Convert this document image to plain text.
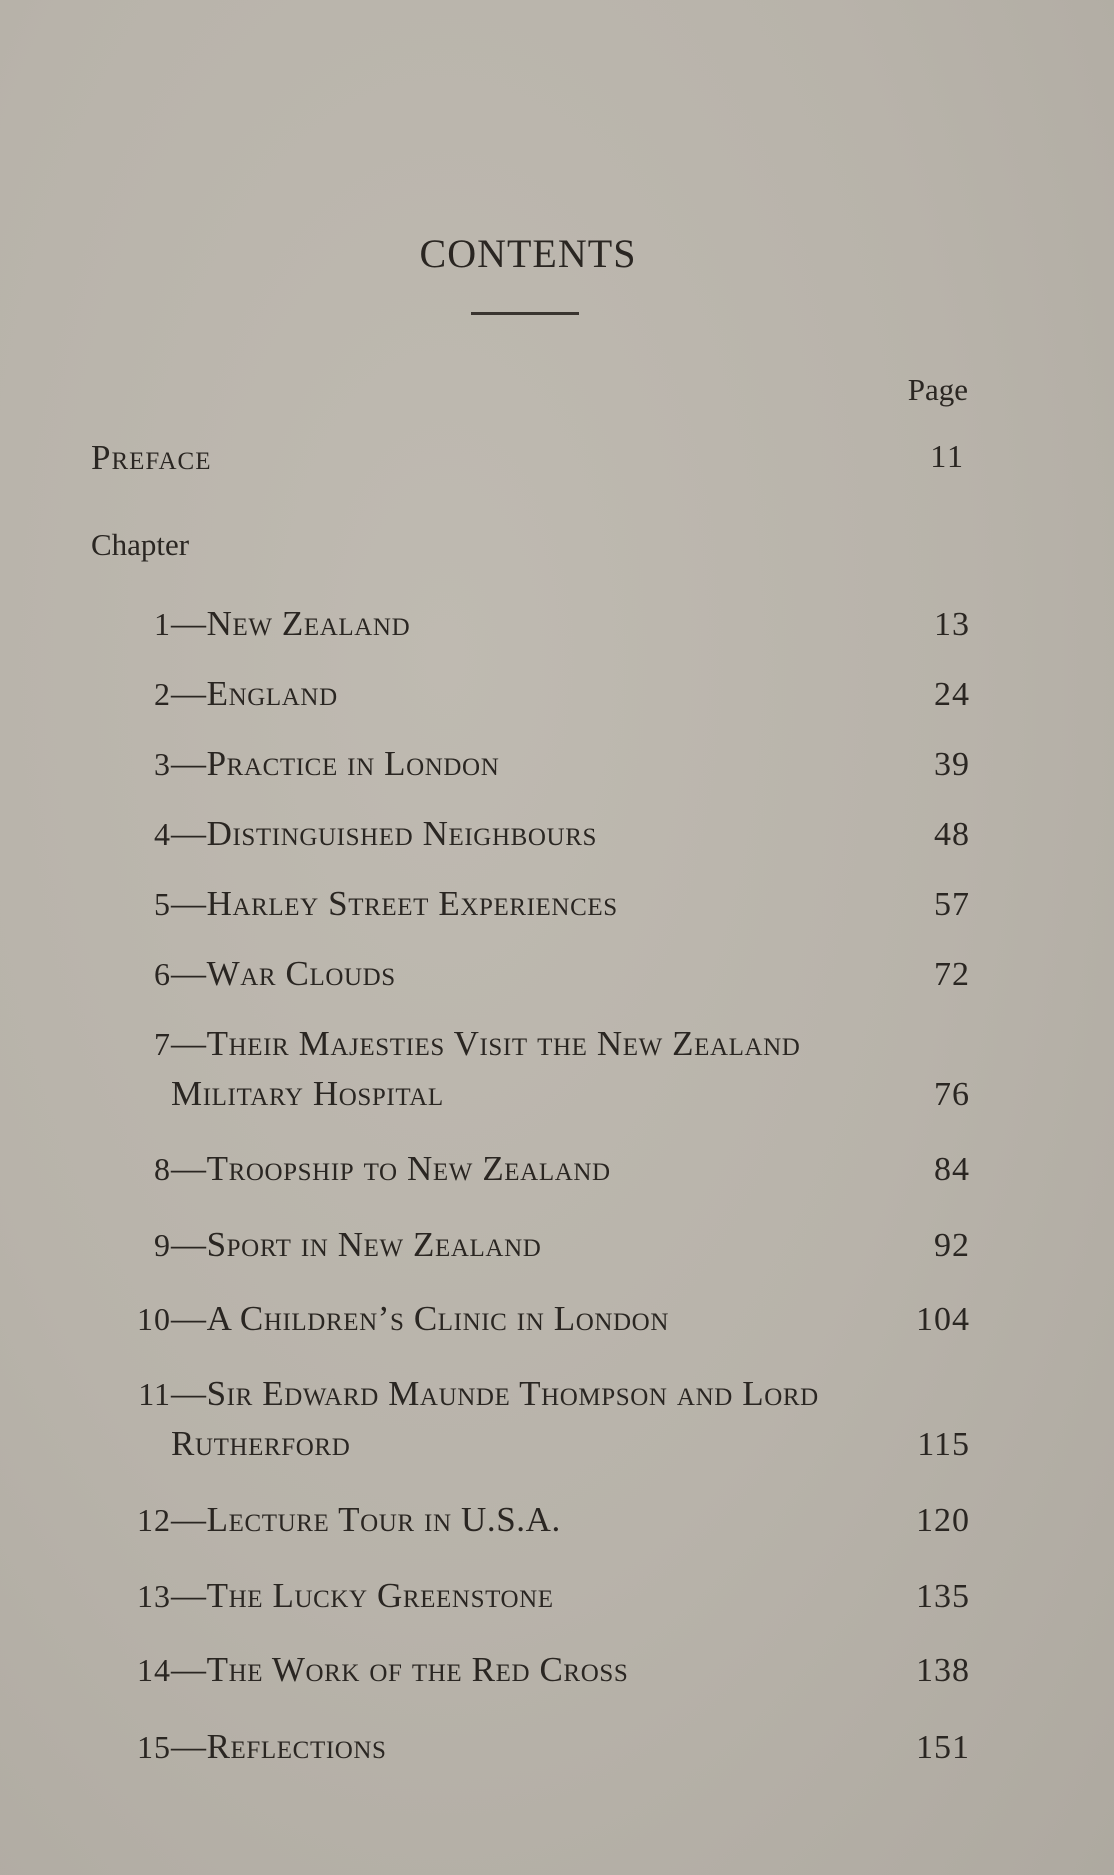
CONTENTS
Page
Preface	11
Chapter
1 — New Zealand	13
2 — England	24
3 — Practice in London	39
4 — Distinguished Neighbours	48
5 — Harley Street Experiences	57
6 — War Clouds	72
7 — Their Majesties Visit the New Zealand
Military Hospital	76
8 — Troopship to New Zealand	84
9 — Sport in New Zealand	92
10 — A Children’s Clinic in London	104
11 — Sir Edward Maunde Thompson and Lord
Rutherford	115
12 — Lecture Tour in U.S.A.	120
13 — The Lucky Greenstone	135
14 — The Work of the Red Cross	138
15 — Reflections	151
